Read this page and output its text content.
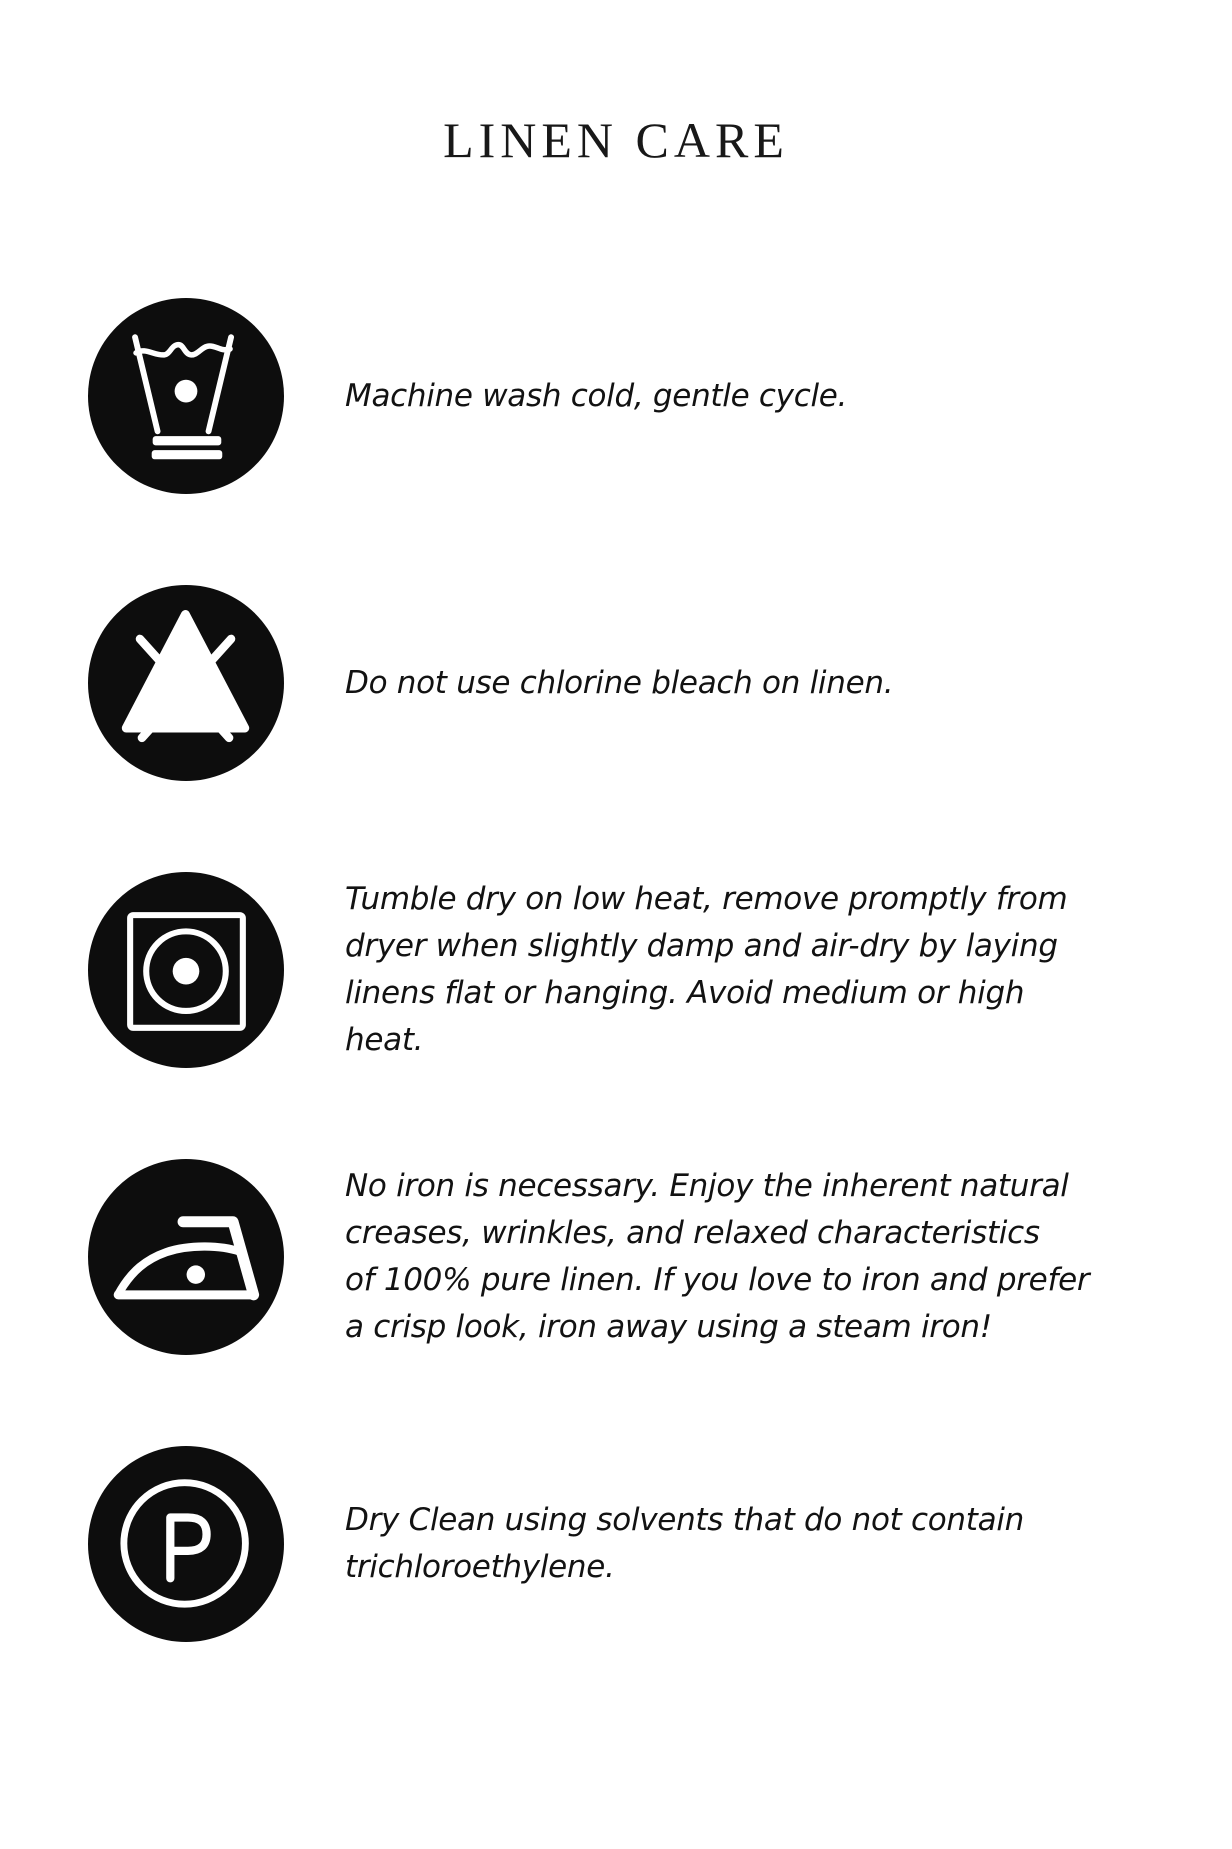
LINEN CARE
Machine wash cold, gentle cycle.
Do not use chlorine bleach on linen.
Tumble dry on low heat, remove promptly from
dryer when slightly damp and air-dry by laying
linens flat or hanging. Avoid medium or high
heat.
No iron is necessary. Enjoy the inherent natural
creases, wrinkles, and relaxed characteristics
of 100% pure linen. If you love to iron and prefer
a crisp look, iron away using a steam iron!
Dry Clean using solvents that do not contain
trichloroethylene.
